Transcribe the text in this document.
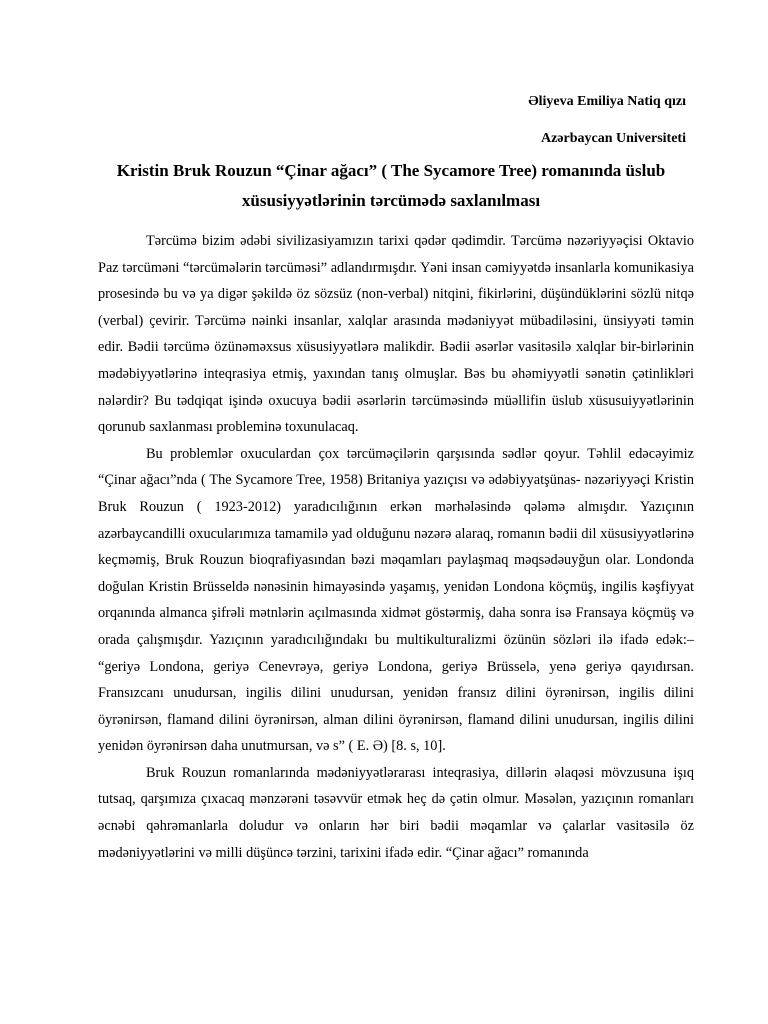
Əliyeva Emiliya Natiq qızı
Azərbaycan Universiteti
Kristin Bruk Rouzun “Çinar ağacı” ( The Sycamore Tree) romanında üslub xüsusiyyətlərinin tərcümədə saxlanılması

Tərcümə bizim ədəbi sivilizasiyamızın tarixi qədər qədimdir. Tərcümə nəzəriyyəçisi Oktavio Paz tərcüməni “tərcümələrin tərcüməsi” adlandırmışdır. Yəni insan cəmiyyətdə insanlarla komunikasiya prosesində bu və ya digər şəkildə öz sözsüz (non-verbal) nitqini, fikirlərini, düşündüklərini sözlü nitqə (verbal) çevirir. Tərcümə nəinki insanlar, xalqlar arasında mədəniyyət mübadiləsini, ünsiyyəti təmin edir. Bədii tərcümə özünəməxsus xüsusiyyətlərə malikdir. Bədii əsərlər vasitəsilə xalqlar bir-birlərinin mədəbiyyətlərinə inteqrasiya etmiş, yaxından tanış olmuşlar. Bəs bu əhəmiyyətli sənətin çətinlikləri nələrdir? Bu tədqiqat işində oxucuya bədii əsərlərin tərcüməsində müəllifin üslub xüsusuiyyətlərinin qorunub saxlanması probleminə toxunulacaq.

Bu problemlər oxuculardan çox tərcüməçilərin qarşısında sədlər qoyur. Təhlil edəcəyimiz “Çinar ağacı”nda ( The Sycamore Tree, 1958) Britaniya yazıçısı və ədəbiyyatşünas- nəzəriyyəçi Kristin Bruk Rouzun ( 1923-2012) yaradıcılığının erkən mərhələsində qələmə almışdır. Yazıçının azərbaycandilli oxucularımıza tamamilə yad olduğunu nəzərə alaraq, romanın bədii dil xüsusiyyətlərinə keçməmiş, Bruk Rouzun bioqrafiyasından bəzi məqamları paylaşmaq məqsədəuyğun olar. Londonda doğulan Kristin Brüsseldə nənəsinin himayəsində yaşamış, yenidən Londona köçmüş, ingilis kəşfiyyat orqanında almanca şifrəli mətnlərin açılmasında xidmət göstərmiş, daha sonra isə Fransaya köçmüş və orada çalışmışdır. Yazıçının yaradıcılığındakı bu multikulturalizmi özünün sözləri ilə ifadə edək:– “geriyə Londona, geriyə Cenevrəyə, geriyə Londona, geriyə Brüsselə, yenə geriyə qayıdırsan. Fransızcanı unudursan, ingilis dilini unudursan, yenidən fransız dilini öyrənirsən, ingilis dilini öyrənirsən, flamand dilini öyrənirsən, alman dilini öyrənirsən, flamand dilini unudursan, ingilis dilini yenidən öyrənirsən daha unutmursan, və s” ( E. Ə) [8. s, 10].

Bruk Rouzun romanlarında mədəniyyətlərarası inteqrasiya, dillərin əlaqəsi mövzusuna işıq tutsaq, qarşımıza çıxacaq mənzərəni təsəvvür etmək heç də çətin olmur. Məsələn, yazıçının romanları əcnəbi qəhrəmanlarla doludur və onların hər biri bədii məqamlar və çalarlar vasitəsilə öz mədəniyyətlərini və milli düşüncə tərzini, tarixini ifadə edir. “Çinar ağacı” romanında
